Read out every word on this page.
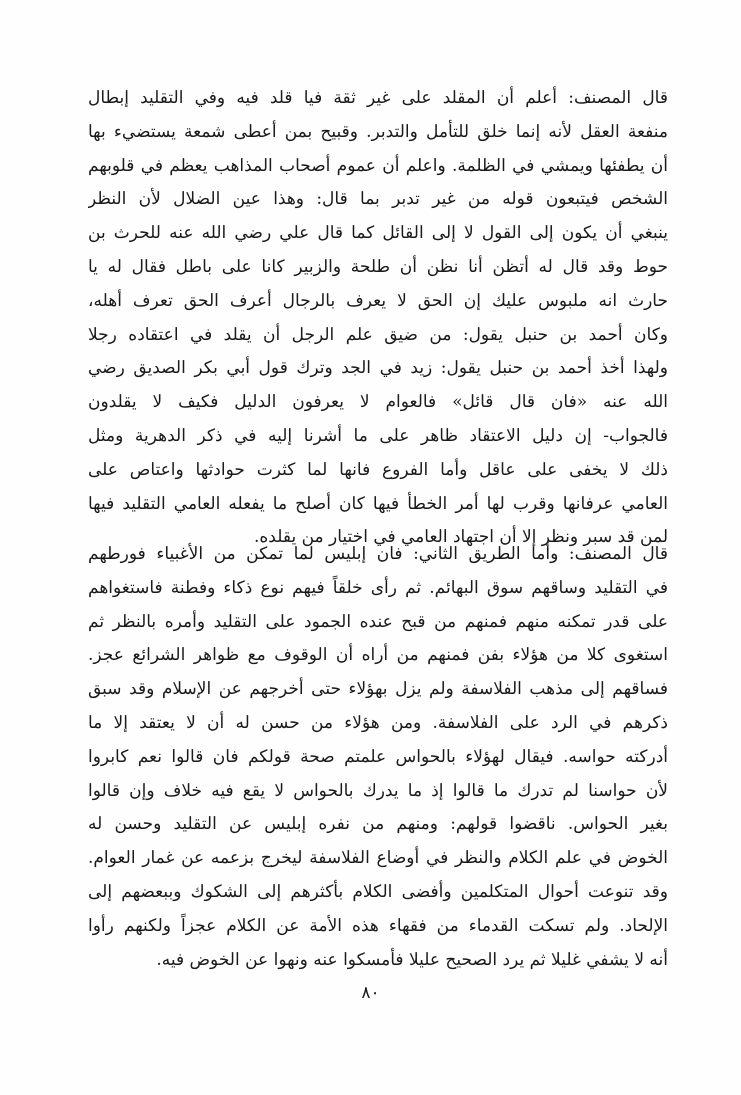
قال المصنف: أعلم أن المقلد على غير ثقة فيا قلد فيه وفي التقليد إبطال
منفعة العقل لأنه إنما خلق للتأمل والتدبر. وقبيح بمن أعطى شمعة يستضيء بها
أن يطفئها ويمشي في الظلمة. واعلم أن عموم أصحاب المذاهب يعظم في قلوبهم
الشخص فيتبعون قوله من غير تدبر بما قال: وهذا عين الضلال لأن النظر
ينبغي أن يكون إلى القول لا إلى القائل كما قال علي رضي الله عنه للحرث بن
حوط وقد قال له أتظن أنا نظن أن طلحة والزبير كانا على باطل فقال له يا
حارث انه ملبوس عليك إن الحق لا يعرف بالرجال أعرف الحق تعرف أهله،
وكان أحمد بن حنبل يقول: من ضيق علم الرجل أن يقلد في اعتقاده رجلا
ولهذا أخذ أحمد بن حنبل يقول: زيد في الجد وترك قول أبي بكر الصديق رضي
الله عنه «فان قال قائل» فالعوام لا يعرفون الدليل فكيف لا يقلدون
فالجواب- إن دليل الاعتقاد ظاهر على ما أشرنا إليه في ذكر الدهرية ومثل
ذلك لا يخفى على عاقل وأما الفروع فانها لما كثرت حوادثها واعتاص على
العامي عرفانها وقرب لها أمر الخطأ فيها كان أصلح ما يفعله العامي التقليد فيها
لمن قد سبر ونظر إلا أن اجتهاد العامي في اختيار من يقلده.
قال المصنف: وأما الطريق الثاني: فان إبليس لما تمكن من الأغبياء فورطهم
في التقليد وساقهم سوق البهائم. ثم رأى خلقاً فيهم نوع ذكاء وفطنة فاستغواهم
على قدر تمكنه منهم فمنهم من قبح عنده الجمود على التقليد وأمره بالنظر ثم
استغوى كلا من هؤلاء بفن فمنهم من أراه أن الوقوف مع ظواهر الشرائع عجز.
فساقهم إلى مذهب الفلاسفة ولم يزل بهؤلاء حتى أخرجهم عن الإسلام وقد سبق
ذكرهم في الرد على الفلاسفة. ومن هؤلاء من حسن له أن لا يعتقد إلا ما
أدركته حواسه. فيقال لهؤلاء بالحواس علمتم صحة قولكم فان قالوا نعم كابروا
لأن حواسنا لم تدرك ما قالوا إذ ما يدرك بالحواس لا يقع فيه خلاف وإن قالوا
بغير الحواس. ناقضوا قولهم: ومنهم من نفره إبليس عن التقليد وحسن له
الخوض في علم الكلام والنظر في أوضاع الفلاسفة ليخرج بزعمه عن غمار العوام.
وقد تنوعت أحوال المتكلمين وأفضى الكلام بأكثرهم إلى الشكوك وببعضهم إلى
الإلحاد. ولم تسكت القدماء من فقهاء هذه الأمة عن الكلام عجزاً ولكنهم رأوا
أنه لا يشفي غليلا ثم يرد الصحيح عليلا فأمسكوا عنه ونهوا عن الخوض فيه.
٨٠
